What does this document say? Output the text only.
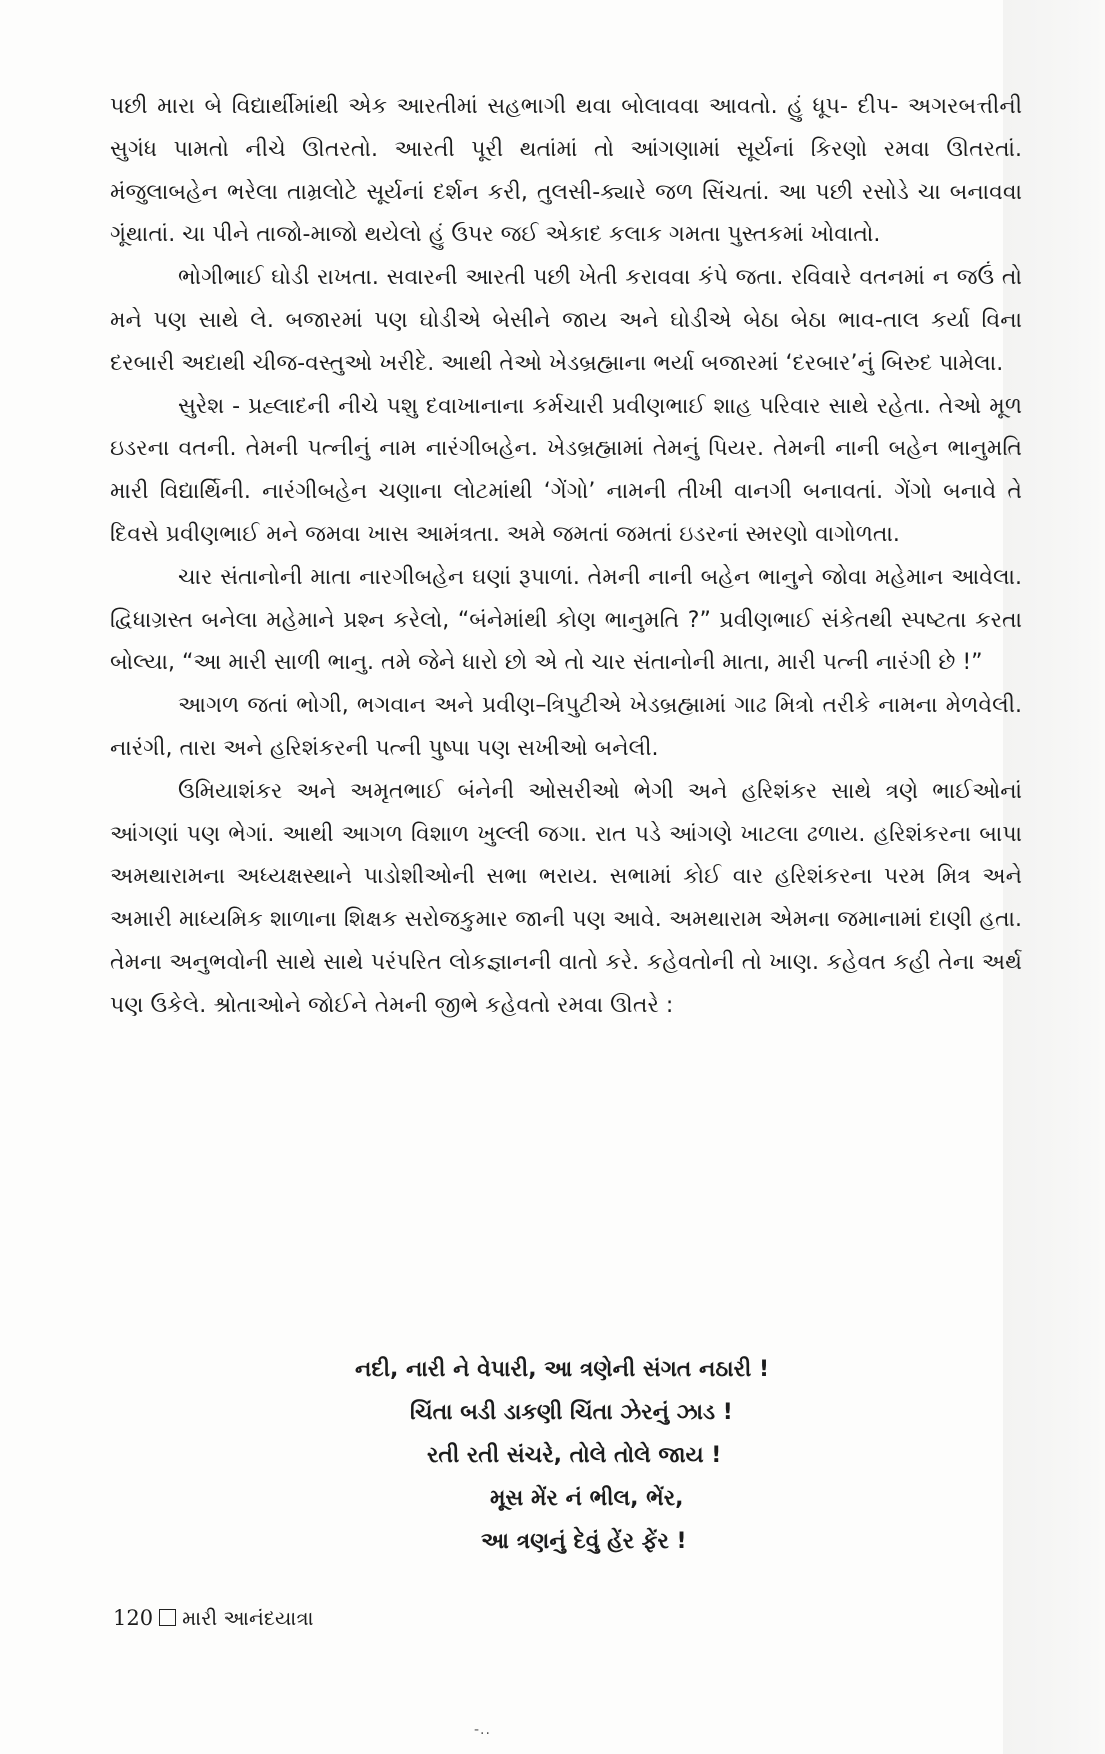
પછી મારા બે વિદ્યાર્થીમાંથી એક આરતીમાં સહભાગી થવા બોલાવવા આવતો. હું ધૂપ- દીપ- અગરબત્તીની સુગંધ પામતો નીચે ઊતરતો. આરતી પૂરી થતાંમાં તો આંગણામાં સૂર્યનાં કિરણો રમવા ઊતરતાં. મંજુલાબહેન ભરેલા તામ્રલોટે સૂર્યનાં દર્શન કરી, તુલસી-ક્યારે જળ સિંચતાં. આ પછી રસોડે ચા બનાવવા ગૂંથાતાં. ચા પીને તાજો-માજો થયેલો હું ઉપર જઈ એકાદ કલાક ગમતા પુસ્તકમાં ખોવાતો.

ભોગીભાઈ ઘોડી રાખતા. સવારની આરતી પછી ખેતી કરાવવા કંપે જતા. રવિવારે વતનમાં ન જઉં તો મને પણ સાથે લે. બજારમાં પણ ઘોડીએ બેસીને જાય અને ઘોડીએ બેઠા બેઠા ભાવ-તાલ કર્યા વિના દરબારી અદાથી ચીજ-વસ્તુઓ ખરીદે. આથી તેઓ ખેડબ્રહ્માના ભર્યા બજારમાં ‘દરબાર’નું બિરુદ પામેલા.

સુરેશ - પ્રહ્લાદની નીચે પશુ દવાખાનાના કર્મચારી પ્રવીણભાઈ શાહ પરિવાર સાથે રહેતા. તેઓ મૂળ ઇડરના વતની. તેમની પત્નીનું નામ નારંગીબહેન. ખેડબ્રહ્મામાં તેમનું પિયર. તેમની નાની બહેન ભાનુમતિ મારી વિદ્યાર્થિની. નારંગીબહેન ચણાના લોટમાંથી ‘ગેંગો’ નામની તીખી વાનગી બનાવતાં. ગેંગો બનાવે તે દિવસે પ્રવીણભાઈ મને જમવા ખાસ આમંત્રતા. અમે જમતાં જમતાં ઇડરનાં સ્મરણો વાગોળતા.

ચાર સંતાનોની માતા નારગીબહેન ઘણાં રૂપાળાં. તેમની નાની બહેન ભાનુને જોવા મહેમાન આવેલા. દ્વિધાગ્રસ્ત બનેલા મહેમાને પ્રશ્ન કરેલો, “બંનેમાંથી કોણ ભાનુમતિ ?” પ્રવીણભાઈ સંકેતથી સ્પષ્ટતા કરતા બોલ્યા, “આ મારી સાળી ભાનુ. તમે જેને ધારો છો એ તો ચાર સંતાનોની માતા, મારી પત્ની નારંગી છે !”

આગળ જતાં ભોગી, ભગવાન અને પ્રવીણ–ત્રિપુટીએ ખેડબ્રહ્મામાં ગાઢ મિત્રો તરીકે નામના મેળવેલી. નારંગી, તારા અને હરિશંકરની પત્ની પુષ્પા પણ સખીઓ બનેલી.

ઉમિયાશંકર અને અમૃતભાઈ બંનેની ઓસરીઓ ભેગી અને હરિશંકર સાથે ત્રણે ભાઈઓનાં આંગણાં પણ ભેગાં. આથી આગળ વિશાળ ખુલ્લી જગા. રાત પડે આંગણે ખાટલા ઢળાય. હરિશંકરના બાપા અમથારામના અધ્યક્ષસ્થાને પાડોશીઓની સભા ભરાય. સભામાં કોઈ વાર હરિશંકરના પરમ મિત્ર અને અમારી માધ્યમિક શાળાના શિક્ષક સરોજકુમાર જાની પણ આવે. અમથારામ એમના જમાનામાં દાણી હતા. તેમના અનુભવોની સાથે સાથે પરંપરિત લોકજ્ઞાનની વાતો કરે. કહેવતોની તો ખાણ. કહેવત કહી તેના અર્થ પણ ઉકેલે. શ્રોતાઓને જોઈને તેમની જીભે કહેવતો રમવા ઊતરે :

નદી, નારી ને વેપારી, આ ત્રણેની સંગત નઠારી !
ચિંતા બડી ડાકણી ચિંતા ઝેરનું ઝાડ !
રતી રતી સંચરે, તોલે તોલે જાય !
મૂસ મેંર નં ભીલ, ભેંર,
આ ત્રણનું દેવું હેંર ફેંર !
120 મારી આનંદયાત્રા
-..
